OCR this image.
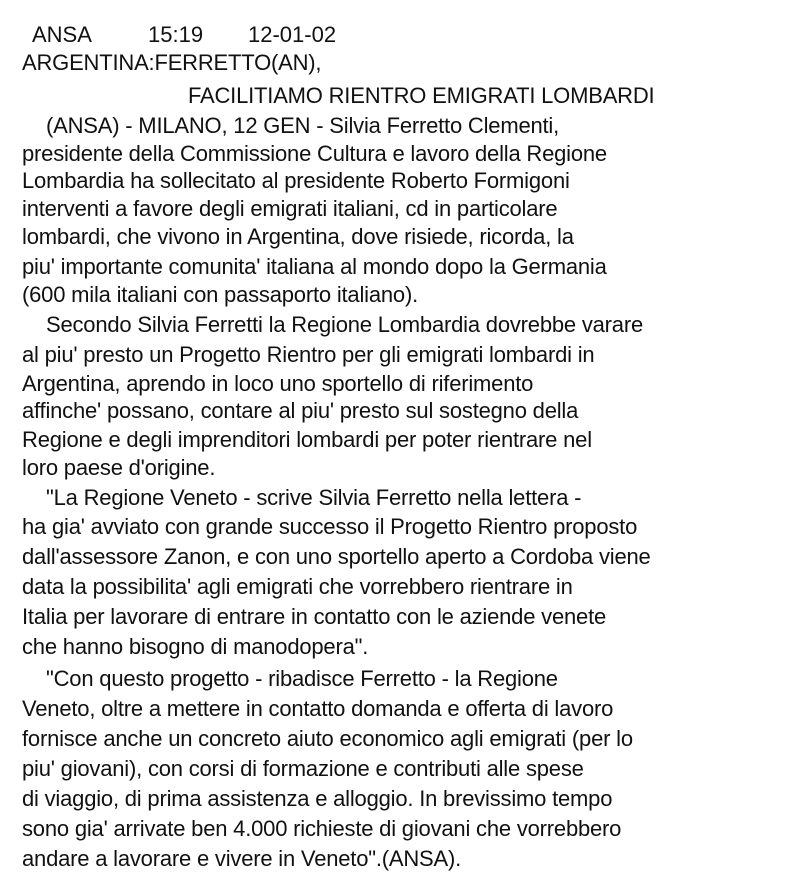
ANSA	15:19 12-01-02
ARGENTINA:FERRETTO(AN),
FACILITIAMO RIENTRO EMIGRATI LOMBARDI
(ANSA) - MILANO, 12 GEN - Silvia Ferretto Clementi,
presidente della Commissione Cultura e lavoro della Regione
Lombardia ha sollecitato al presidente Roberto Formigoni
interventi a favore degli emigrati italiani, cd in particolare
lombardi, che vivono in Argentina, dove risiede, ricorda, la
piu' importante comunita' italiana al mondo dopo la Germania
(600 mila italiani con passaporto italiano).
Secondo Silvia Ferretti la Regione Lombardia dovrebbe varare
al piu' presto un Progetto Rientro per gli emigrati lombardi in
Argentina, aprendo in loco uno sportello di riferimento
affinche' possano, contare al piu' presto sul sostegno della
Regione e degli imprenditori lombardi per poter rientrare nel
loro paese d'origine.
"La Regione Veneto - scrive Silvia Ferretto nella lettera -
ha gia' avviato con grande successo il Progetto Rientro proposto
dall'assessore Zanon, e con uno sportello aperto a Cordoba viene
data la possibilita' agli emigrati che vorrebbero rientrare in
Italia per lavorare di entrare in contatto con le aziende venete
che hanno bisogno di manodopera".
"Con questo progetto - ribadisce Ferretto - la Regione
Veneto, oltre a mettere in contatto domanda e offerta di lavoro
fornisce anche un concreto aiuto economico agli emigrati (per lo
piu' giovani), con corsi di formazione e contributi alle spese
di viaggio, di prima assistenza e alloggio. In brevissimo tempo
sono gia' arrivate ben 4.000 richieste di giovani che vorrebbero
andare a lavorare e vivere in Veneto".(ANSA).
